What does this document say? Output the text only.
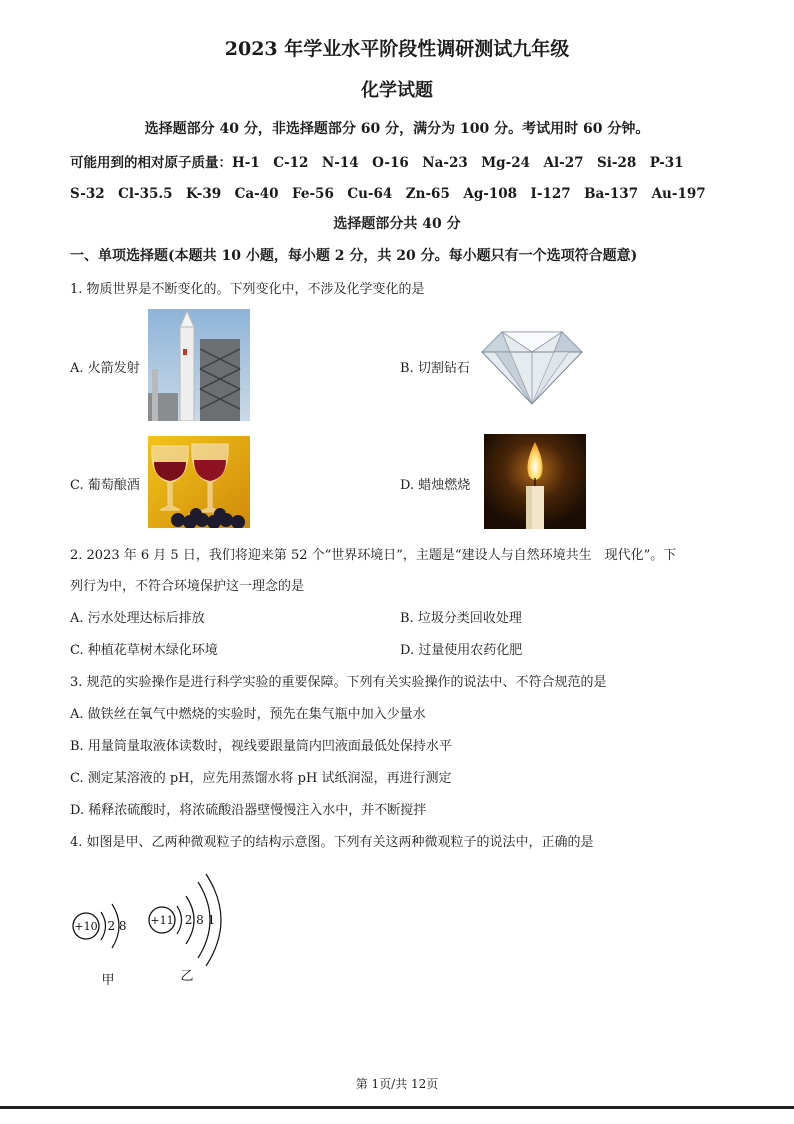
2023 年学业水平阶段性调研测试九年级
化学试题
选择题部分 40 分，非选择题部分 60 分，满分为 100 分。考试用时 60 分钟。
可能用到的相对原子质量：H-1　C-12　N-14　O-16　Na-23　Mg-24　Al-27　Si-28　P-31
S-32　Cl-35.5　K-39　Ca-40　Fe-56　Cu-64　Zn-65　Ag-108　I-127　Ba-137　Au-197
选择题部分共 40 分
一、单项选择题(本题共 10 小题，每小题 2 分，共 20 分。每小题只有一个选项符合题意)
1. 物质世界是不断变化的。下列变化中，不涉及化学变化的是
A. 火箭发射	B. 切割钻石
C. 葡萄酿酒	D. 蜡烛燃烧
2. 2023 年 6 月 5 日，我们将迎来第 52 个“世界环境日”，主题是“建设人与自然环境共生　现代化”。下
列行为中，不符合环境保护这一理念的是
A. 污水处理达标后排放	B. 垃圾分类回收处理
C. 种植花草树木绿化环境	D. 过量使用农药化肥
3. 规范的实验操作是进行科学实验的重要保障。下列有关实验操作的说法中、不符合规范的是
A. 做铁丝在氧气中燃烧的实验时，预先在集气瓶中加入少量水
B. 用量筒量取液体读数时，视线要跟量筒内凹液面最低处保持水平
C. 测定某溶液的 pH，应先用蒸馏水将 pH 试纸润湿，再进行测定
D. 稀释浓硫酸时，将浓硫酸沿器壁慢慢注入水中，并不断搅拌
4. 如图是甲、乙两种微观粒子的结构示意图。下列有关这两种微观粒子的说法中，正确的是
+10 2 8
甲
+11 2 8 1
乙
第 1页/共 12页
